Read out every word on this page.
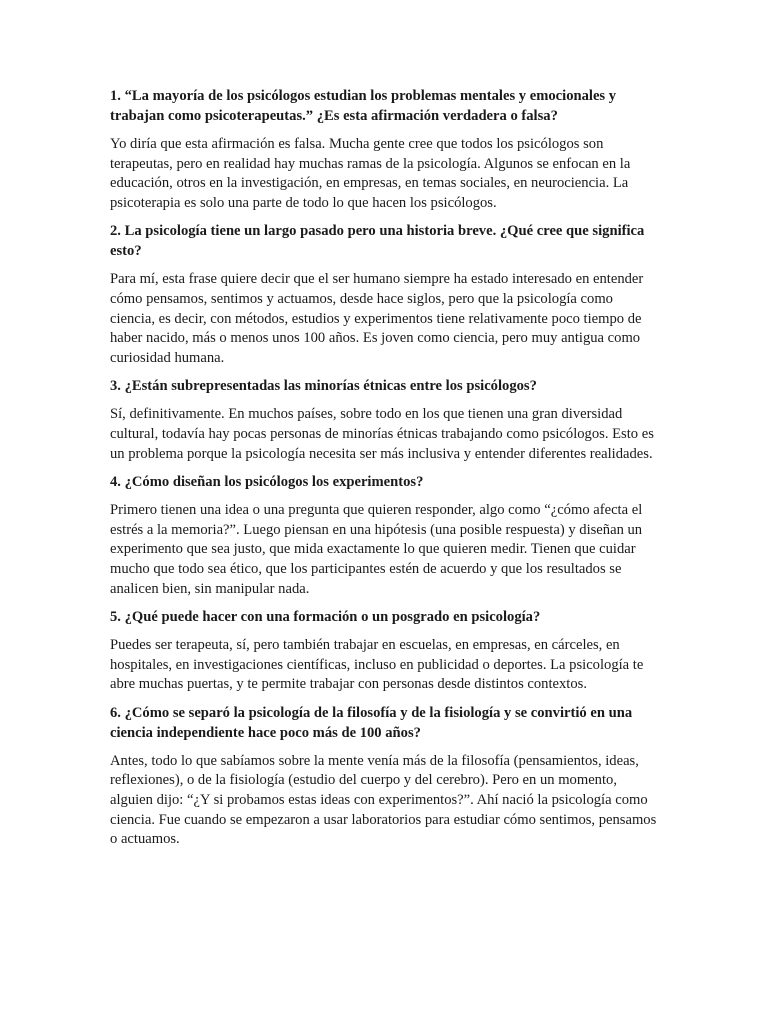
1. “La mayoría de los psicólogos estudian los problemas mentales y emocionales y trabajan como psicoterapeutas.” ¿Es esta afirmación verdadera o falsa?

Yo diría que esta afirmación es falsa. Mucha gente cree que todos los psicólogos son terapeutas, pero en realidad hay muchas ramas de la psicología. Algunos se enfocan en la educación, otros en la investigación, en empresas, en temas sociales, en neurociencia. La psicoterapia es solo una parte de todo lo que hacen los psicólogos.

2. La psicología tiene un largo pasado pero una historia breve. ¿Qué cree que significa esto?

Para mí, esta frase quiere decir que el ser humano siempre ha estado interesado en entender cómo pensamos, sentimos y actuamos, desde hace siglos, pero que la psicología como ciencia, es decir, con métodos, estudios y experimentos tiene relativamente poco tiempo de haber nacido, más o menos unos 100 años. Es joven como ciencia, pero muy antigua como curiosidad humana.

3. ¿Están subrepresentadas las minorías étnicas entre los psicólogos?

Sí, definitivamente. En muchos países, sobre todo en los que tienen una gran diversidad cultural, todavía hay pocas personas de minorías étnicas trabajando como psicólogos. Esto es un problema porque la psicología necesita ser más inclusiva y entender diferentes realidades.

4. ¿Cómo diseñan los psicólogos los experimentos?

Primero tienen una idea o una pregunta que quieren responder, algo como “¿cómo afecta el estrés a la memoria?”. Luego piensan en una hipótesis (una posible respuesta) y diseñan un experimento que sea justo, que mida exactamente lo que quieren medir. Tienen que cuidar mucho que todo sea ético, que los participantes estén de acuerdo y que los resultados se analicen bien, sin manipular nada.

5. ¿Qué puede hacer con una formación o un posgrado en psicología?

Puedes ser terapeuta, sí, pero también trabajar en escuelas, en empresas, en cárceles, en hospitales, en investigaciones científicas, incluso en publicidad o deportes. La psicología te abre muchas puertas, y te permite trabajar con personas desde distintos contextos.

6. ¿Cómo se separó la psicología de la filosofía y de la fisiología y se convirtió en una ciencia independiente hace poco más de 100 años?

Antes, todo lo que sabíamos sobre la mente venía más de la filosofía (pensamientos, ideas, reflexiones), o de la fisiología (estudio del cuerpo y del cerebro). Pero en un momento, alguien dijo: “¿Y si probamos estas ideas con experimentos?”. Ahí nació la psicología como ciencia. Fue cuando se empezaron a usar laboratorios para estudiar cómo sentimos, pensamos o actuamos.
